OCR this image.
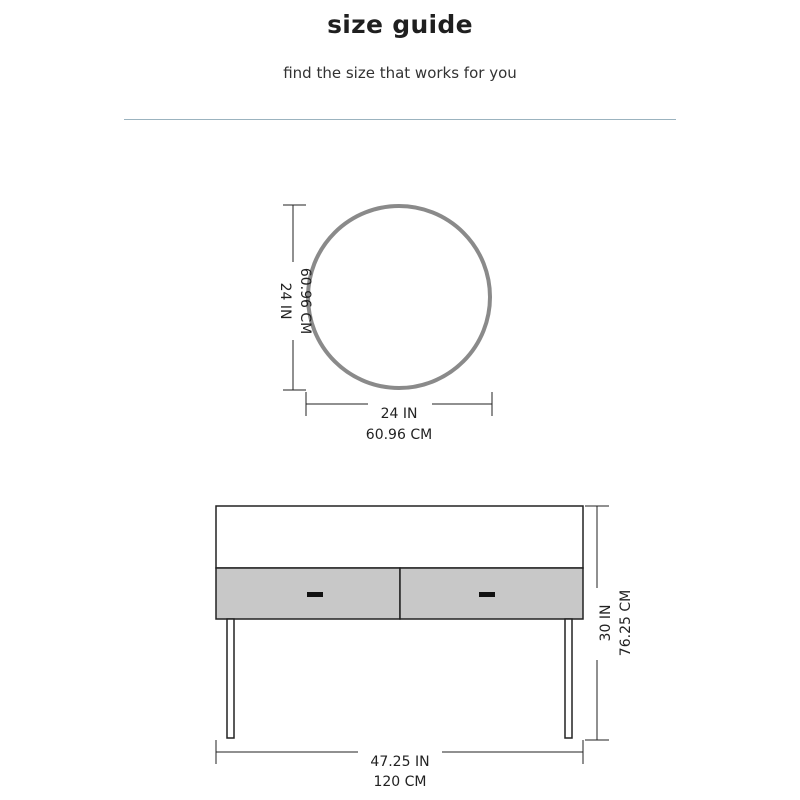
size guide
find the size that works for you
24 IN 60.96 CM
24 IN
60.96 CM
30 IN 76.25 CM
47.25 IN
120 CM
